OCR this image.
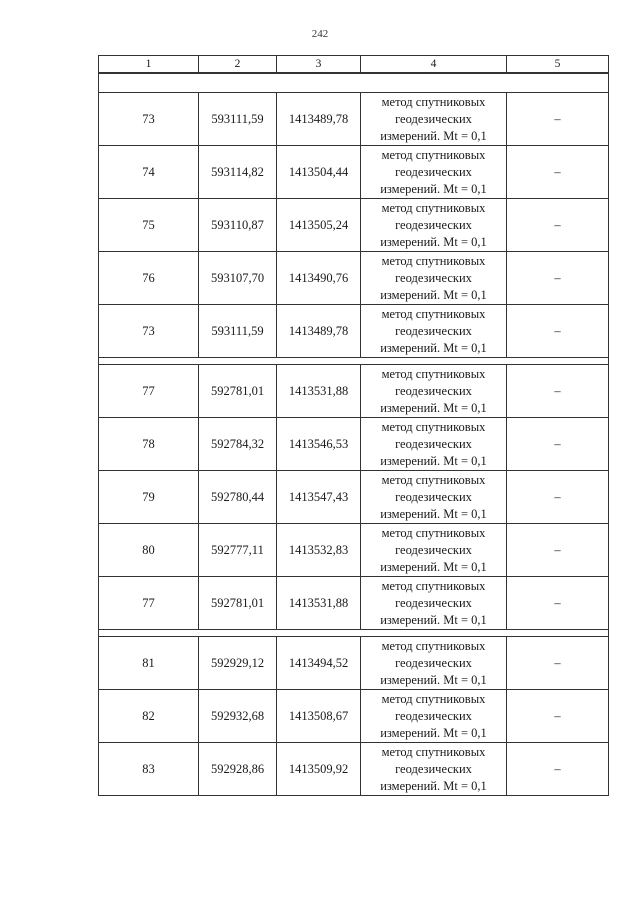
242
1	2	3	4	5

73	593111,59	1413489,78	метод спутниковых
геодезических
измерений. Mt = 0,1	–
74	593114,82	1413504,44	метод спутниковых
геодезических
измерений. Mt = 0,1	–
75	593110,87	1413505,24	метод спутниковых
геодезических
измерений. Mt = 0,1	–
76	593107,70	1413490,76	метод спутниковых
геодезических
измерений. Mt = 0,1	–
73	593111,59	1413489,78	метод спутниковых
геодезических
измерений. Mt = 0,1	–

77	592781,01	1413531,88	метод спутниковых
геодезических
измерений. Mt = 0,1	–
78	592784,32	1413546,53	метод спутниковых
геодезических
измерений. Mt = 0,1	–
79	592780,44	1413547,43	метод спутниковых
геодезических
измерений. Mt = 0,1	–
80	592777,11	1413532,83	метод спутниковых
геодезических
измерений. Mt = 0,1	–
77	592781,01	1413531,88	метод спутниковых
геодезических
измерений. Mt = 0,1	–

81	592929,12	1413494,52	метод спутниковых
геодезических
измерений. Mt = 0,1	–
82	592932,68	1413508,67	метод спутниковых
геодезических
измерений. Mt = 0,1	–
83	592928,86	1413509,92	метод спутниковых
геодезических
измерений. Mt = 0,1	–
